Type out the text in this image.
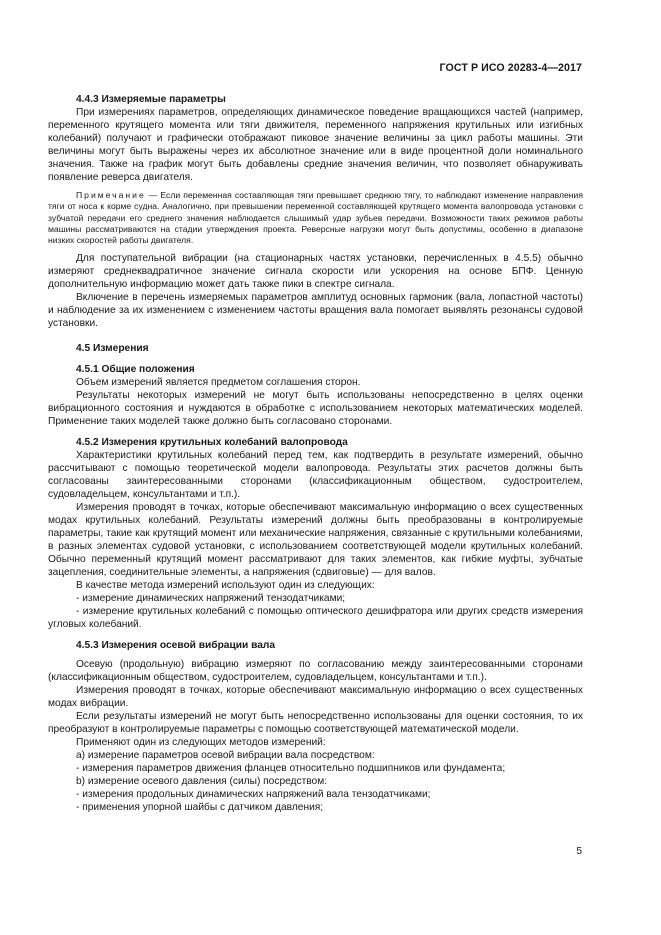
ГОСТ Р ИСО 20283-4—2017
4.4.3 Измеряемые параметры

При измерениях параметров, определяющих динамическое поведение вращающихся частей (например, переменного крутящего момента или тяги движителя, переменного напряжения крутильных или изгибных колебаний) получают и графически отображают пиковое значение величины за цикл работы машины. Эти величины могут быть выражены через их абсолютное значение или в виде процентной доли номинального значения. Также на график могут быть добавлены средние значения величин, что позволяет обнаруживать появление реверса двигателя.

Примечание — Если переменная составляющая тяги превышает среднюю тягу, то наблюдают изменение направления тяги от носа к корме судна. Аналогично, при превышении переменной составляющей крутящего момента валопровода установки с зубчатой передачи его среднего значения наблюдается слышимый удар зубьев передачи. Возможности таких режимов работы машины рассматриваются на стадии утверждения проекта. Реверсные нагрузки могут быть допустимы, особенно в диапазоне низких скоростей работы двигателя.

Для поступательной вибрации (на стационарных частях установки, перечисленных в 4.5.5) обычно измеряют среднеквадратичное значение сигнала скорости или ускорения на основе БПФ. Ценную дополнительную информацию может дать также пики в спектре сигнала.

Включение в перечень измеряемых параметров амплитуд основных гармоник (вала, лопастной частоты) и наблюдение за их изменением с изменением частоты вращения вала помогает выявлять резонансы судовой установки.

4.5 Измерения
4.5.1 Общие положения

Объем измерений является предметом соглашения сторон.

Результаты некоторых измерений не могут быть использованы непосредственно в целях оценки вибрационного состояния и нуждаются в обработке с использованием некоторых математических моделей. Применение таких моделей также должно быть согласовано сторонами.

4.5.2 Измерения крутильных колебаний валопровода

Характеристики крутильных колебаний перед тем, как подтвердить в результате измерений, обычно рассчитывают с помощью теоретической модели валопровода. Результаты этих расчетов должны быть согласованы заинтересованными сторонами (классификационным обществом, судостроителем, судовладельцем, консультантами и т.п.).

Измерения проводят в точках, которые обеспечивают максимальную информацию о всех существенных модах крутильных колебаний. Результаты измерений должны быть преобразованы в контролируемые параметры, такие как крутящий момент или механические напряжения, связанные с крутильными колебаниями, в разных элементах судовой установки, с использованием соответствующей модели крутильных колебаний. Обычно переменный крутящий момент рассматривают для таких элементов, как гибкие муфты, зубчатые зацепления, соединительные элементы, а напряжения (сдвиговые) — для валов.

В качестве метода измерений используют один из следующих:

- измерение динамических напряжений тензодатчиками;

- измерение крутильных колебаний с помощью оптического дешифратора или других средств измерения угловых колебаний.

4.5.3 Измерения осевой вибрации вала

Осевую (продольную) вибрацию измеряют по согласованию между заинтересованными сторонами (классификационным обществом, судостроителем, судовладельцем, консультантами и т.п.).

Измерения проводят в точках, которые обеспечивают максимальную информацию о всех существенных модах вибрации.

Если результаты измерений не могут быть непосредственно использованы для оценки состояния, то их преобразуют в контролируемые параметры с помощью соответствующей математической модели.

Применяют один из следующих методов измерений:
а) измерение параметров осевой вибрации вала посредством:
- измерения параметров движения фланцев относительно подшипников или фундамента;
b) измерение осевого давления (силы) посредством:
- измерения продольных динамических напряжений вала тензодатчиками;
- применения упорной шайбы с датчиком давления;
5
